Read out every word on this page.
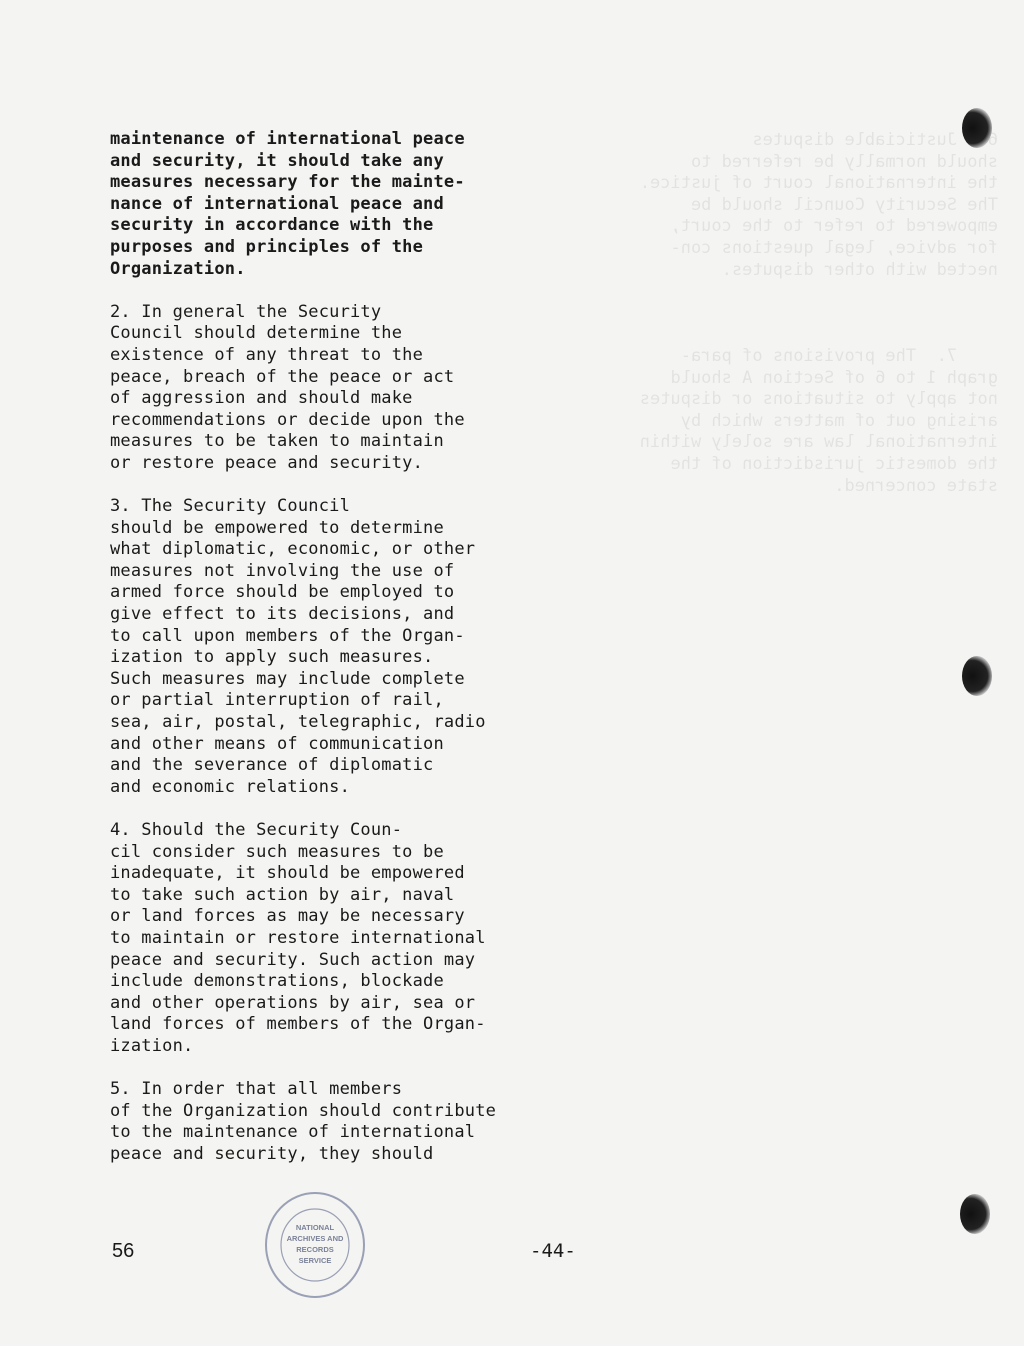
Justiciable disputes
should normally be referred to
the international court of justice.
The Security Council should be
empowered to refer to the court,
for advice, legal questions con-
nected with other disputes.

7.  The provisions of para-
graph 1 to 6 of Section A should
not apply to situations or disputes
arising out of matters which by
international law are solely within
the domestic jurisdiction of the
state concerned.

maintenance of international peace
and security, it should take any
measures necessary for the mainte-
nance of international peace and
security in accordance with the
purposes and principles of the
Organization.

2. In general the Security
Council should determine the
existence of any threat to the
peace, breach of the peace or act
of aggression and should make
recommendations or decide upon the
measures to be taken to maintain
or restore peace and security.

3. The Security Council
should be empowered to determine
what diplomatic, economic, or other
measures not involving the use of
armed force should be employed to
give effect to its decisions, and
to call upon members of the Organ-
ization to apply such measures.
Such measures may include complete
or partial interruption of rail,
sea, air, postal, telegraphic, radio
and other means of communication
and the severance of diplomatic
and economic relations.

4. Should the Security Coun-
cil consider such measures to be
inadequate, it should be empowered
to take such action by air, naval
or land forces as may be necessary
to maintain or restore international
peace and security. Such action may
include demonstrations, blockade
and other operations by air, sea or
land forces of members of the Organ-
ization.

5. In order that all members
of the Organization should contribute
to the maintenance of international
peace and security, they should

56	-44-
NATIONAL
ARCHIVES AND
RECORDS
SERVICE
